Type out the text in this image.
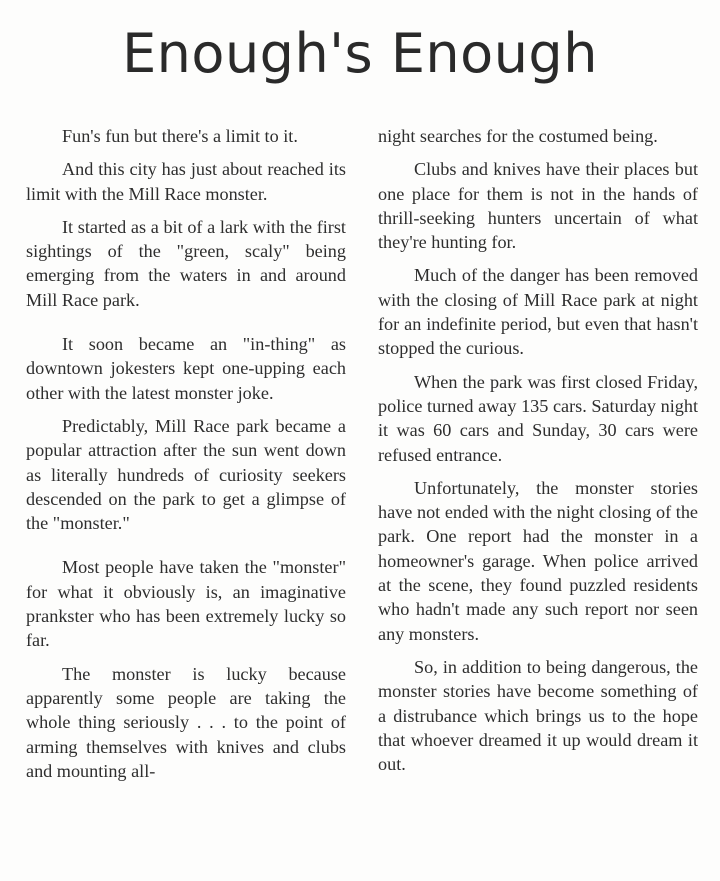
Enough's Enough

Fun's fun but there's a limit to it.

And this city has just about reached its limit with the Mill Race monster.

It started as a bit of a lark with the first sightings of the "green, scaly" being emerging from the waters in and around Mill Race park.

It soon became an "in-thing" as downtown jokesters kept one-upping each other with the latest monster joke.

Predictably, Mill Race park became a popular attraction after the sun went down as literally hundreds of curiosity seekers descended on the park to get a glimpse of the "monster."

Most people have taken the "monster" for what it obviously is, an imaginative prankster who has been extremely lucky so far.

The monster is lucky because apparently some people are taking the whole thing seriously . . . to the point of arming themselves with knives and clubs and mounting all-

night searches for the costumed being.

Clubs and knives have their places but one place for them is not in the hands of thrill-seeking hunters uncertain of what they're hunting for.

Much of the danger has been removed with the closing of Mill Race park at night for an indefinite period, but even that hasn't stopped the curious.

When the park was first closed Friday, police turned away 135 cars. Saturday night it was 60 cars and Sunday, 30 cars were refused entrance.

Unfortunately, the monster stories have not ended with the night closing of the park. One report had the monster in a homeowner's garage. When police arrived at the scene, they found puzzled residents who hadn't made any such report nor seen any monsters.

So, in addition to being dangerous, the monster stories have become something of a distrubance which brings us to the hope that whoever dreamed it up would dream it out.
